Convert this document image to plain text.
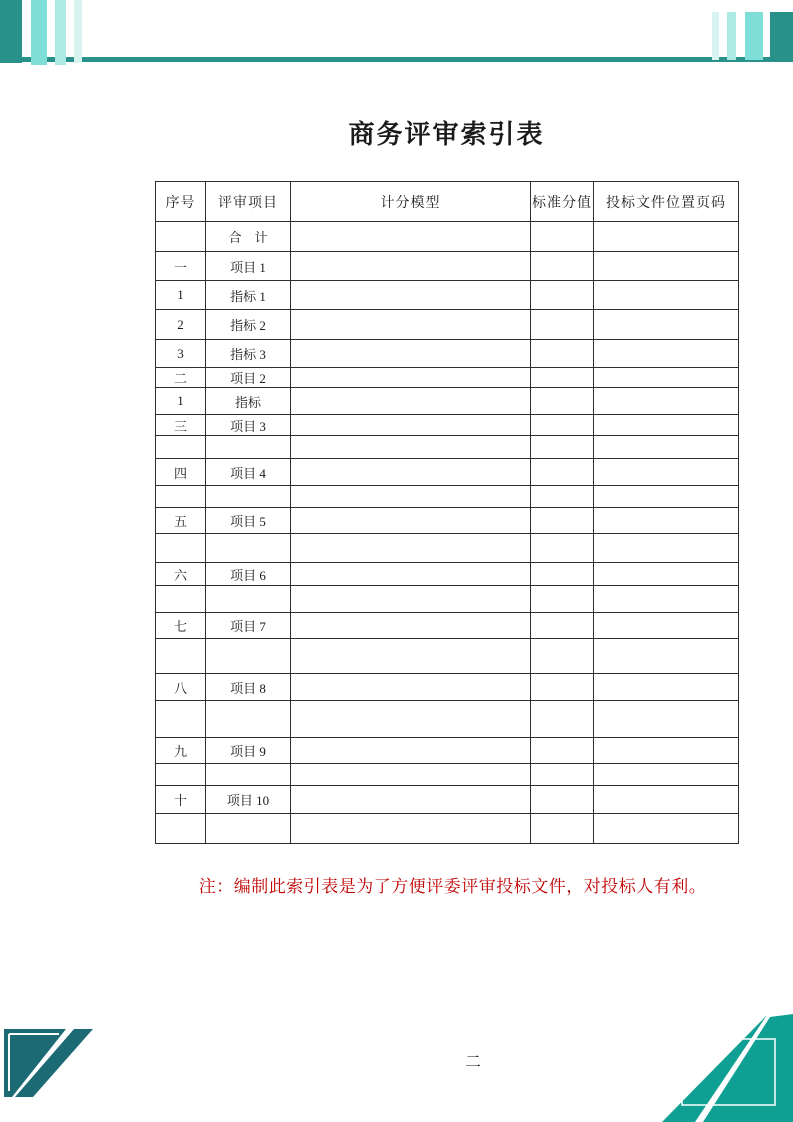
商务评审索引表
序号	评审项目	计分模型	标准分值	投标文件位置页码
	合　计			
一	项目 1			
1	指标 1			
2	指标 2			
3	指标 3			
二	项目 2			
1	指标			
三	项目 3			

四	项目 4			

五	项目 5			

六	项目 6			

七	项目 7			

八	项目 8			

九	项目 9			

十	项目 10			

注：编制此索引表是为了方便评委评审投标文件，对投标人有利。
二
